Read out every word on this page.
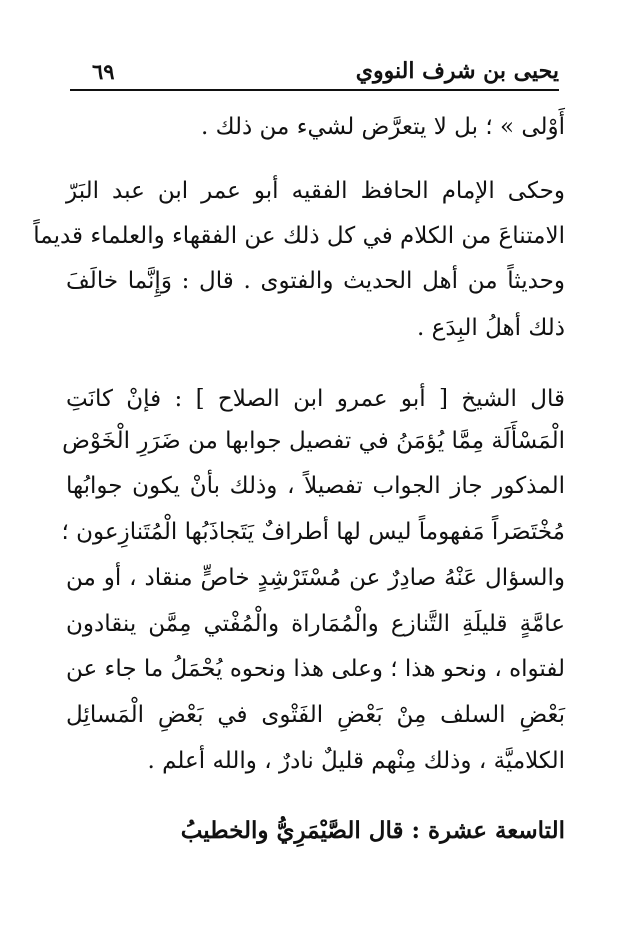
يحيى بن شرف النووي
٦٩
أَوْلى » ؛ بل لا يتعرَّض لشيء من ذلك .
وحكى الإمام الحافظ الفقيه أبو عمر ابن عبد البَرّ
الامتناعَ من الكلام في كل ذلك عن الفقهاء والعلماء قديماً
وحديثاً من أهل الحديث والفتوى . قال : وَإِنَّما خالَفَ
ذلك أهلُ البِدَع .
قال الشيخ [ أبو عمرو ابن الصلاح ] : فإنْ كانَتِ
الْمَسْأَلَة مِمَّا يُؤمَنُ في تفصيل جوابها من ضَرَرِ الْخَوْض
المذكور جاز الجواب تفصيلاً ، وذلك بأنْ يكون جوابُها
مُخْتَصَراً مَفهوماً ليس لها أطرافٌ يَتَجاذَبُها الْمُتَنازِعون ؛
والسؤال عَنْهُ صادِرٌ عن مُسْتَرْشِدٍ خاصٍّ منقاد ، أو من
عامَّةٍ قليلَةِ التَّنازع والْمُمَاراة والْمُفْتي مِمَّن ينقادون
لفتواه ، ونحو هذا ؛ وعلى هذا ونحوه يُحْمَلُ ما جاء عن
بَعْضِ السلف مِنْ بَعْضِ الفَتْوى في بَعْضِ الْمَسائِل
الكلاميَّة ، وذلك مِنْهم قليلٌ نادرٌ ، والله أعلم .
التاسعة عشرة : قال الصَّيْمَرِيُّ والخطيبُ
